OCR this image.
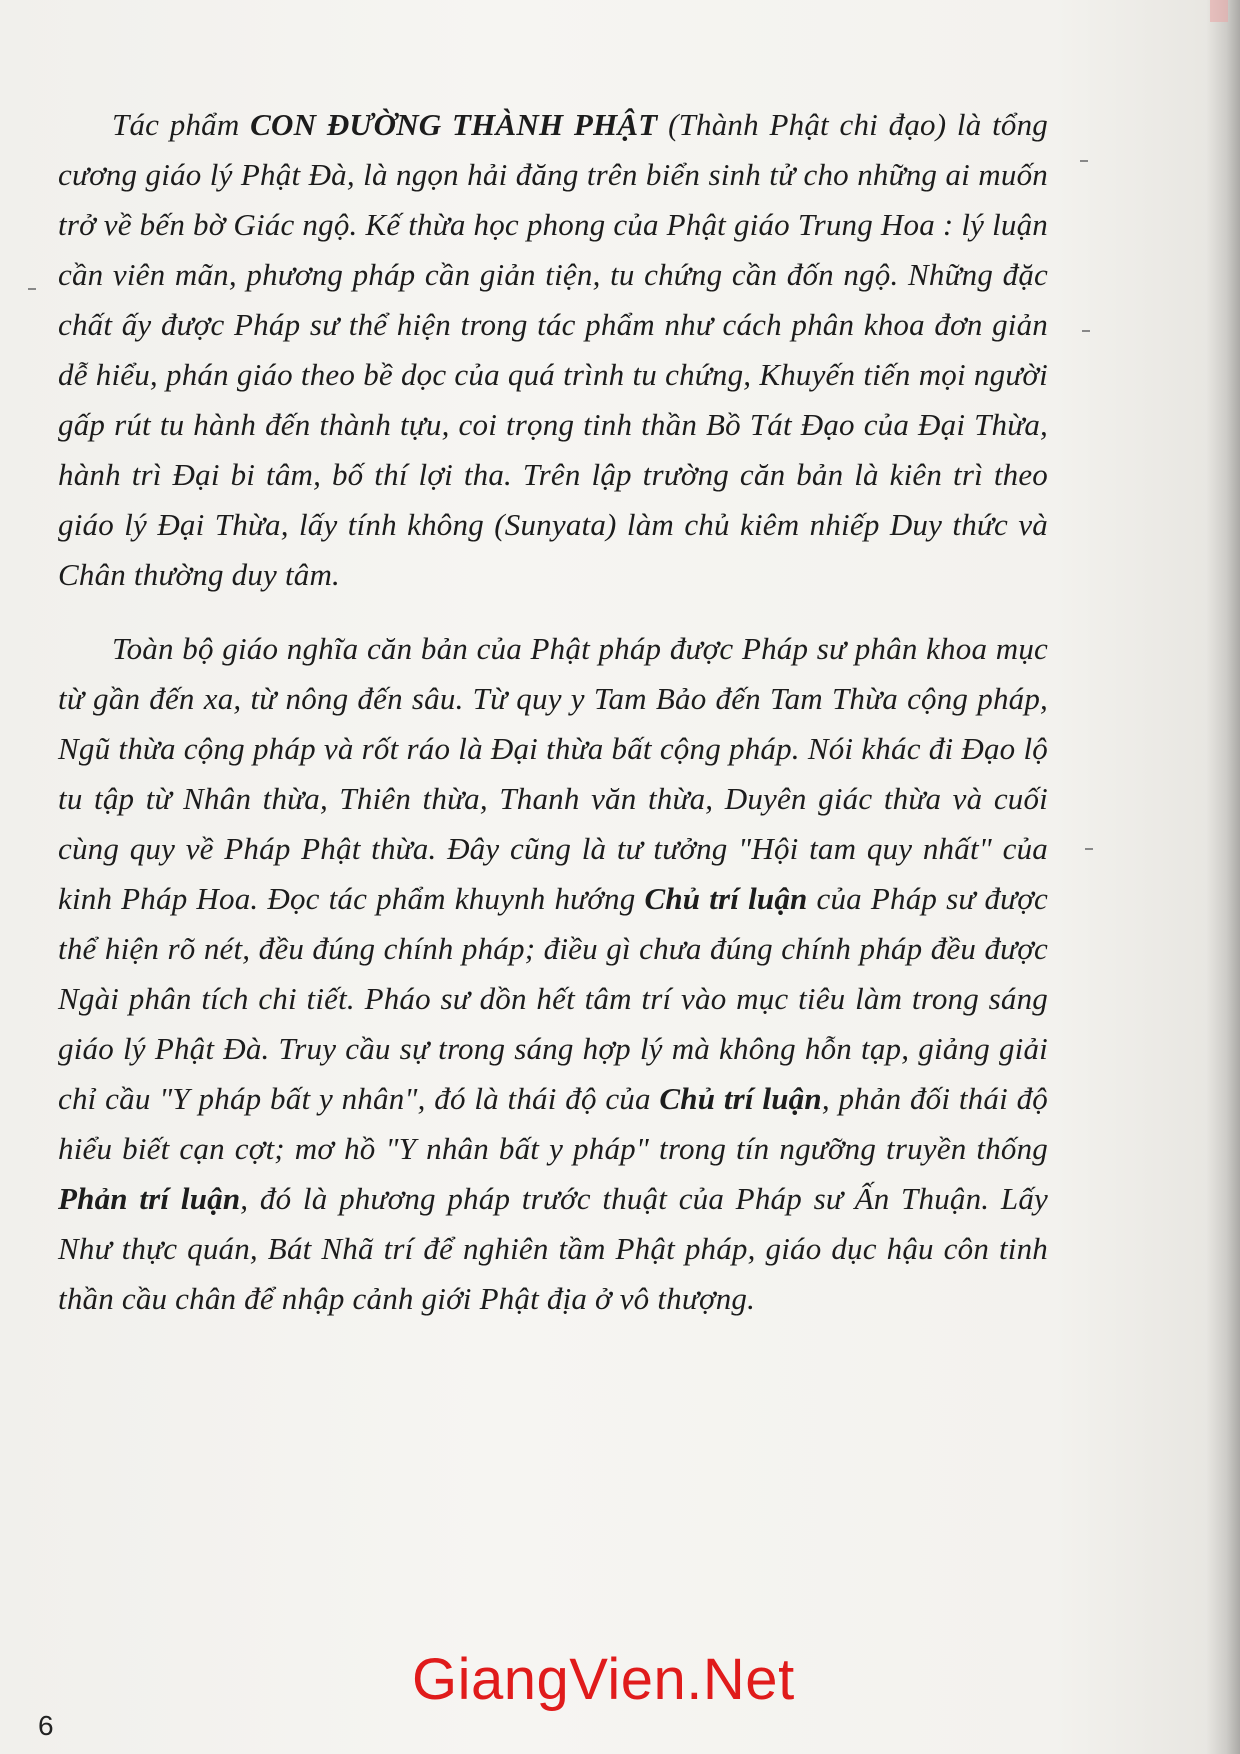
Tác phẩm CON ĐƯỜNG THÀNH PHẬT (Thành Phật chi đạo) là tổng cương giáo lý Phật Đà, là ngọn hải đăng trên biển sinh tử cho những ai muốn trở về bến bờ Giác ngộ. Kế thừa học phong của Phật giáo Trung Hoa : lý luận cần viên mãn, phương pháp cần giản tiện, tu chứng cần đốn ngộ. Những đặc chất ấy được Pháp sư thể hiện trong tác phẩm như cách phân khoa đơn giản dễ hiểu, phán giáo theo bề dọc của quá trình tu chứng, Khuyến tiến mọi người gấp rút tu hành đến thành tựu, coi trọng tinh thần Bồ Tát Đạo của Đại Thừa, hành trì Đại bi tâm, bố thí lợi tha. Trên lập trường căn bản là kiên trì theo giáo lý Đại Thừa, lấy tính không (Sunyata) làm chủ kiêm nhiếp Duy thức và Chân thường duy tâm.

Toàn bộ giáo nghĩa căn bản của Phật pháp được Pháp sư phân khoa mục từ gần đến xa, từ nông đến sâu. Từ quy y Tam Bảo đến Tam Thừa cộng pháp, Ngũ thừa cộng pháp và rốt ráo là Đại thừa bất cộng pháp. Nói khác đi Đạo lộ tu tập từ Nhân thừa, Thiên thừa, Thanh văn thừa, Duyên giác thừa và cuối cùng quy về Pháp Phật thừa. Đây cũng là tư tưởng "Hội tam quy nhất" của kinh Pháp Hoa. Đọc tác phẩm khuynh hướng Chủ trí luận của Pháp sư được thể hiện rõ nét, đều đúng chính pháp; điều gì chưa đúng chính pháp đều được Ngài phân tích chi tiết. Pháo sư dồn hết tâm trí vào mục tiêu làm trong sáng giáo lý Phật Đà. Truy cầu sự trong sáng hợp lý mà không hỗn tạp, giảng giải chỉ cầu "Y pháp bất y nhân", đó là thái độ của Chủ trí luận, phản đối thái độ hiểu biết cạn cợt; mơ hồ "Y nhân bất y pháp" trong tín ngưỡng truyền thống Phản trí luận, đó là phương pháp trước thuật của Pháp sư Ấn Thuận. Lấy Như thực quán, Bát Nhã trí để nghiên tầm Phật pháp, giáo dục hậu côn tinh thần cầu chân để nhập cảnh giới Phật địa ở vô thượng.

6
GiangVien.Net
